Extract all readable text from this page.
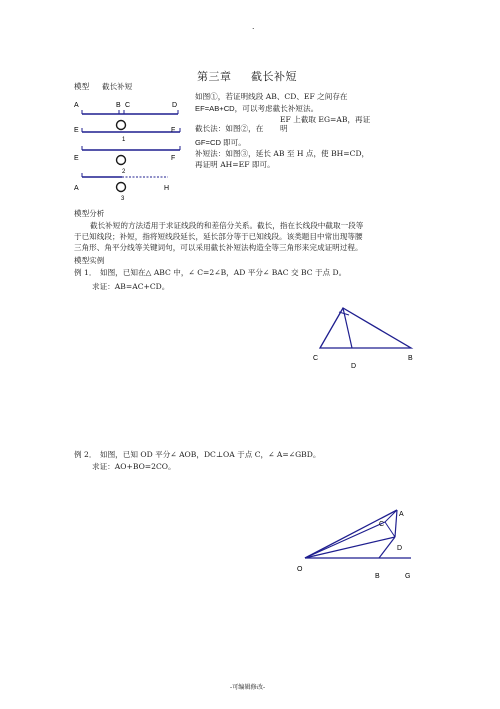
.
第三章 截长补短
模型 截长补短
A	B C	D
E	F
1
E	F
2
A	H
3
如图①，若证明线段 AB、CD、EF 之间存在
EF=AB+CD，可以考虑截长补短法。
EF 上截取 EG=AB，再证
截长法：如图②，在 明
GF=CD 即可。
补短法：如图③，延长 AB 至 H 点，使 BH=CD，
再证明 AH=EF 即可。
模型分析
截长补短的方法适用于求证线段的和差倍分关系。截长，指在长线段中截取一段等
于已知线段；补短，指将短线段延长，延长部分等于已知线段。该类题目中常出现等腰
三角形、角平分线等关键词句，可以采用截长补短法构造全等三角形来完成证明过程。
模型实例
例 1． 如图，已知在△ ABC 中，∠ C=2∠B，AD 平分∠ BAC 交 BC 于点 D。
求证：AB=AC+CD。
C
D
B
例 2． 如图，已知 OD 平分∠ AOB，DC⊥OA 于点 C，∠ A=∠GBD。
求证：AO+BO=2CO。
A
C
D
O
B	G
-可编辑修改-
